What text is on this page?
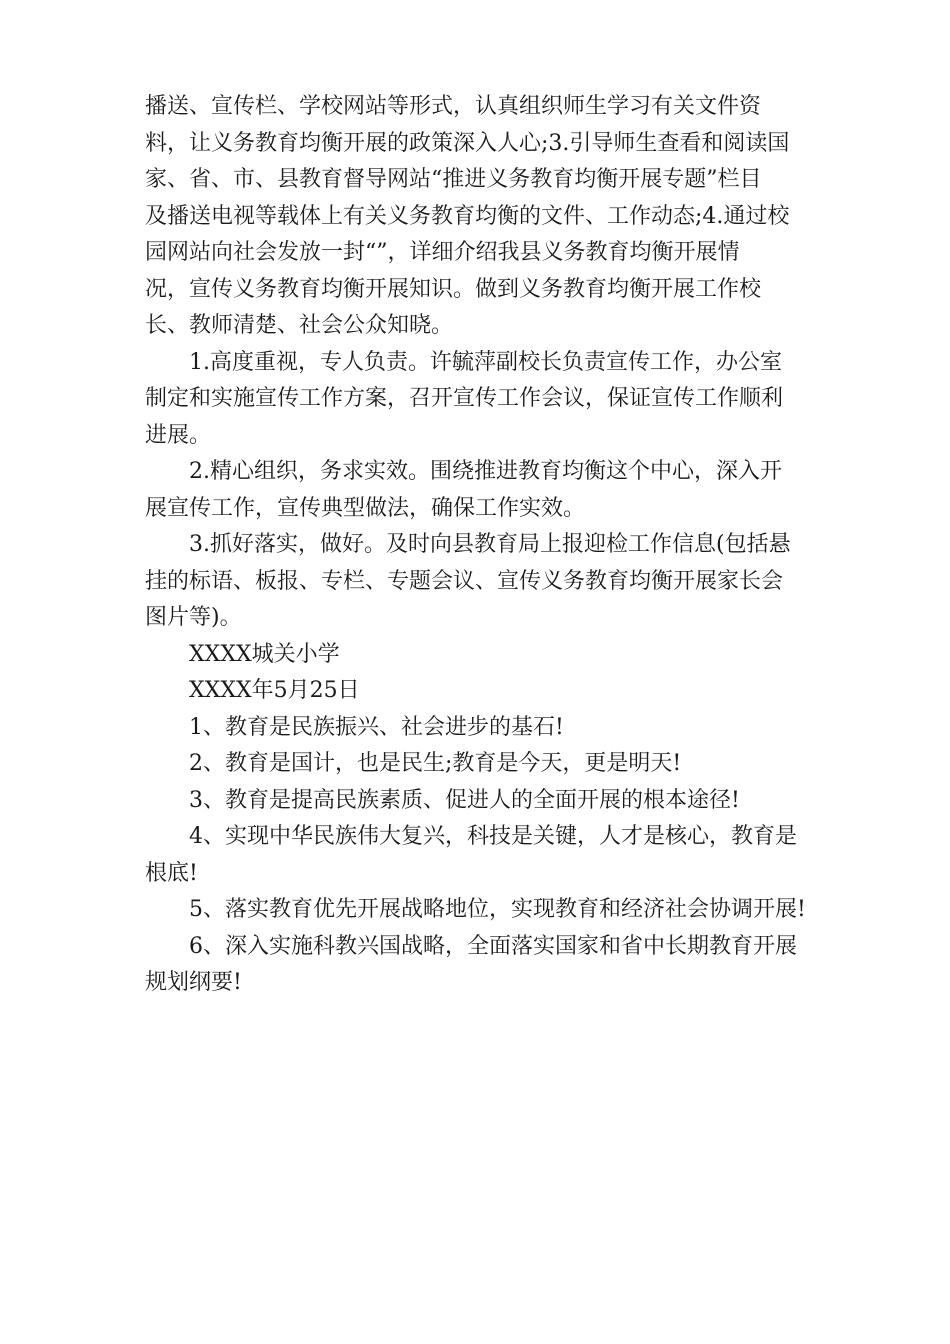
播送、宣传栏、学校网站等形式，认真组织师生学习有关文件资
料，让义务教育均衡开展的政策深入人心;3.引导师生查看和阅读国
家、省、市、县教育督导网站“推进义务教育均衡开展专题”栏目
及播送电视等载体上有关义务教育均衡的文件、工作动态;4.通过校
园网站向社会发放一封“”，详细介绍我县义务教育均衡开展情
况，宣传义务教育均衡开展知识。做到义务教育均衡开展工作校
长、教师清楚、社会公众知晓。
1.高度重视，专人负责。许毓萍副校长负责宣传工作，办公室
制定和实施宣传工作方案，召开宣传工作会议，保证宣传工作顺利
进展。
2.精心组织，务求实效。围绕推进教育均衡这个中心，深入开
展宣传工作，宣传典型做法，确保工作实效。
3.抓好落实，做好。及时向县教育局上报迎检工作信息(包括悬
挂的标语、板报、专栏、专题会议、宣传义务教育均衡开展家长会
图片等)。
XXXX城关小学
XXXX年5月25日
1、教育是民族振兴、社会进步的基石!
2、教育是国计，也是民生;教育是今天，更是明天!
3、教育是提高民族素质、促进人的全面开展的根本途径!
4、实现中华民族伟大复兴，科技是关键，人才是核心，教育是
根底!
5、落实教育优先开展战略地位，实现教育和经济社会协调开展!
6、深入实施科教兴国战略，全面落实国家和省中长期教育开展
规划纲要!
